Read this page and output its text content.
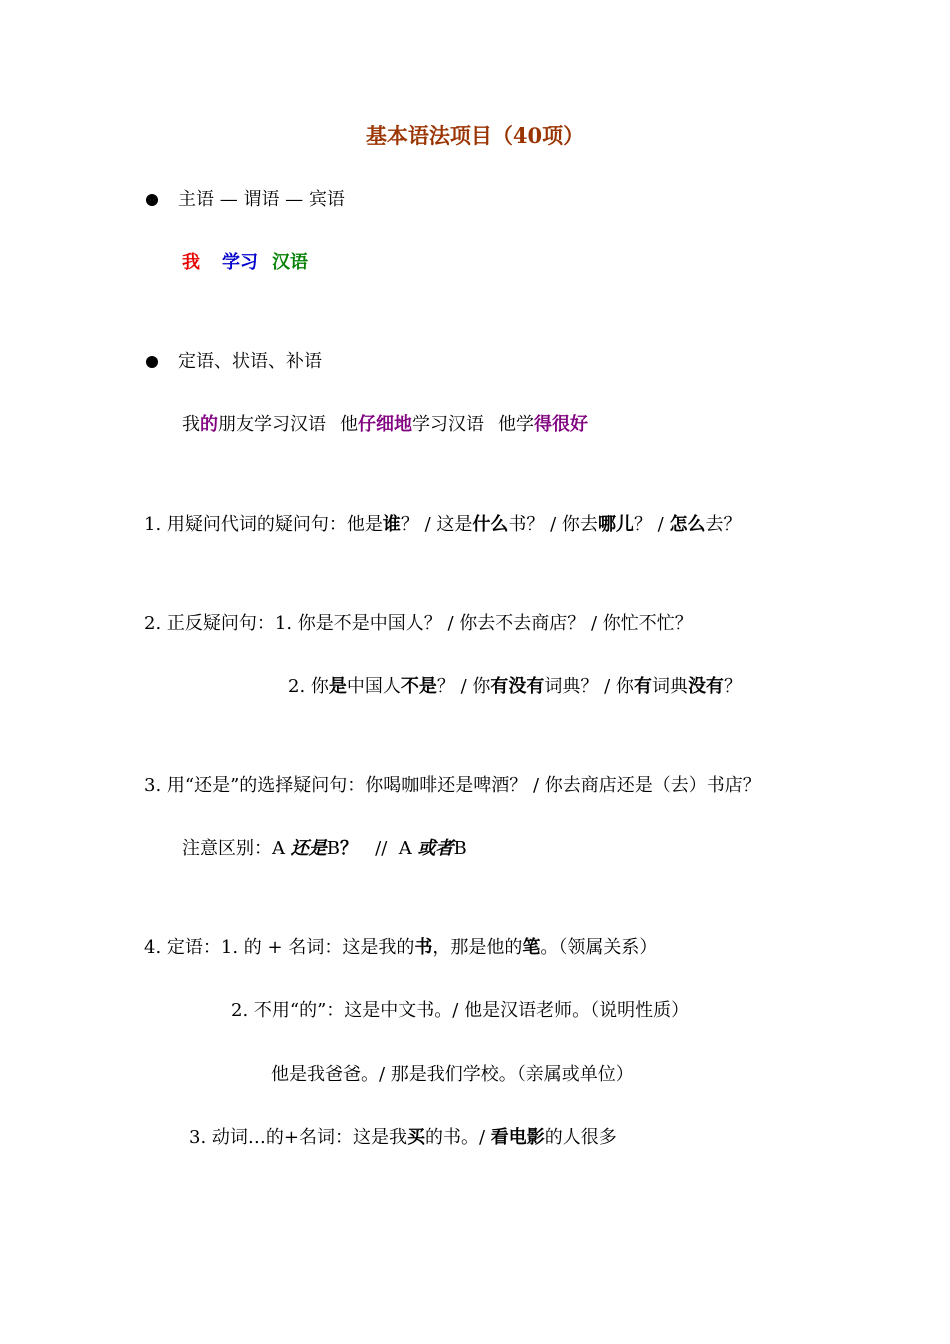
基本语法项目（40项）
主语 — 谓语 — 宾语
我 学习 汉语
定语、状语、补语
我的朋友学习汉语 他仔细地学习汉语 他学得很好
1. 用疑问代词的疑问句：他是谁？ / 这是什么书？ / 你去哪儿？ / 怎么去？
2. 正反疑问句：1. 你是不是中国人？ / 你去不去商店？ / 你忙不忙？
2. 你是中国人不是？ / 你有没有词典？ / 你有词典没有？
3. 用“还是”的选择疑问句：你喝咖啡还是啤酒？ / 你去商店还是（去）书店？
注意区别：A 还是B？   //  A 或者B
4. 定语：1. 的 + 名词：这是我的书，那是他的笔。（领属关系）
2. 不用“的”：这是中文书。/ 他是汉语老师。（说明性质）
他是我爸爸。/ 那是我们学校。（亲属或单位）
3. 动词…的+名词：这是我买的书。/ 看电影的人很多
